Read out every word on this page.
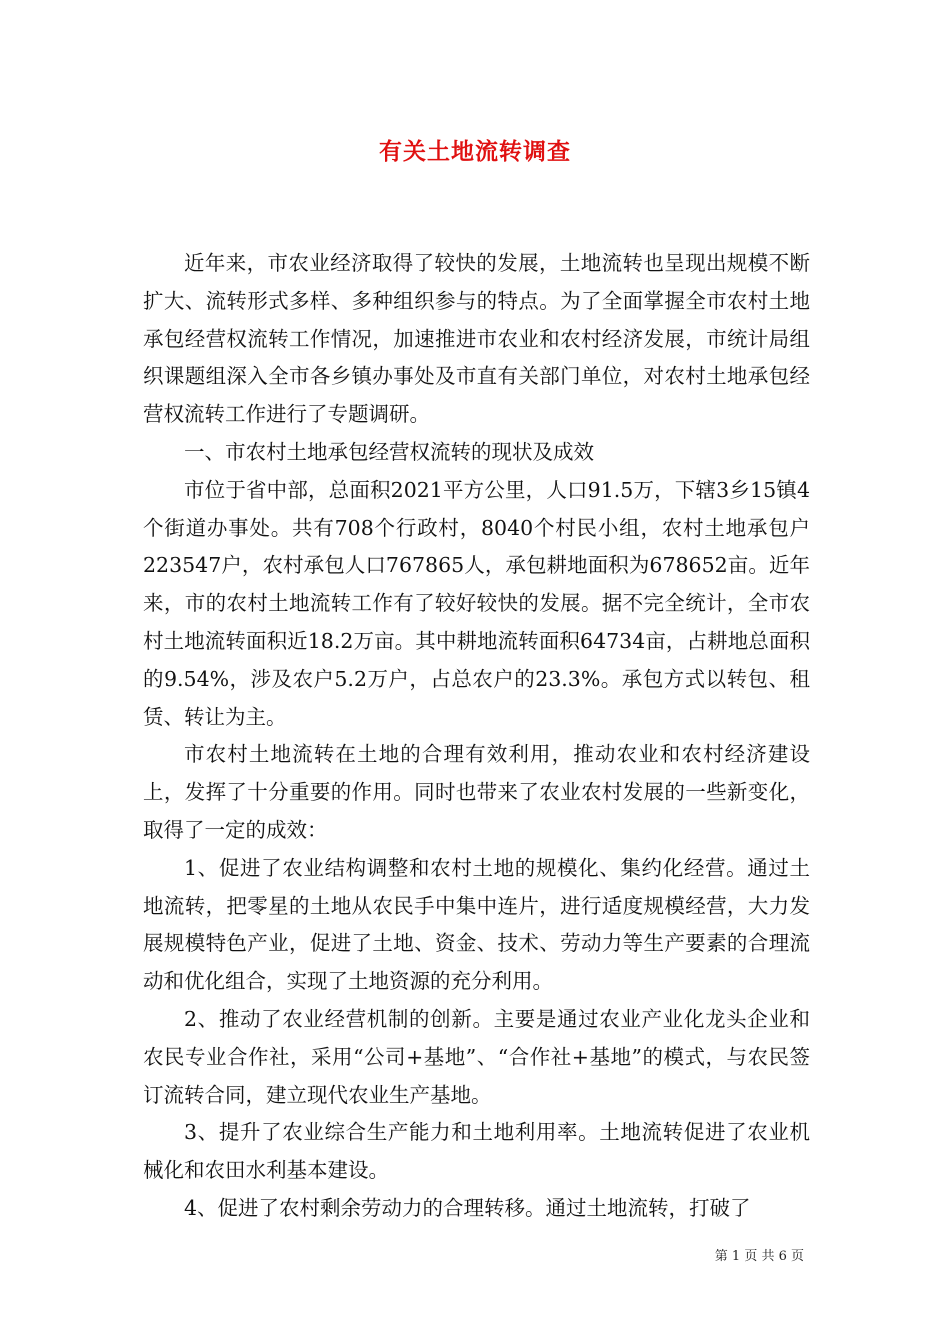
有关土地流转调查

近年来，市农业经济取得了较快的发展，土地流转也呈现出规模不断扩大、流转形式多样、多种组织参与的特点。为了全面掌握全市农村土地承包经营权流转工作情况，加速推进市农业和农村经济发展，市统计局组织课题组深入全市各乡镇办事处及市直有关部门单位，对农村土地承包经营权流转工作进行了专题调研。

一、市农村土地承包经营权流转的现状及成效

市位于省中部，总面积2021平方公里，人口91.5万，下辖3乡15镇4个街道办事处。共有708个行政村，8040个村民小组，农村土地承包户223547户，农村承包人口767865人，承包耕地面积为678652亩。近年来，市的农村土地流转工作有了较好较快的发展。据不完全统计，全市农村土地流转面积近18.2万亩。其中耕地流转面积64734亩，占耕地总面积的9.54%，涉及农户5.2万户，占总农户的23.3%。承包方式以转包、租赁、转让为主。

市农村土地流转在土地的合理有效利用，推动农业和农村经济建设上，发挥了十分重要的作用。同时也带来了农业农村发展的一些新变化，取得了一定的成效：

1、促进了农业结构调整和农村土地的规模化、集约化经营。通过土地流转，把零星的土地从农民手中集中连片，进行适度规模经营，大力发展规模特色产业，促进了土地、资金、技术、劳动力等生产要素的合理流动和优化组合，实现了土地资源的充分利用。

2、推动了农业经营机制的创新。主要是通过农业产业化龙头企业和农民专业合作社，采用“公司+基地”、“合作社+基地”的模式，与农民签订流转合同，建立现代农业生产基地。

3、提升了农业综合生产能力和土地利用率。土地流转促进了农业机械化和农田水利基本建设。

4、促进了农村剩余劳动力的合理转移。通过土地流转，打破了

第 1 页 共 6 页
